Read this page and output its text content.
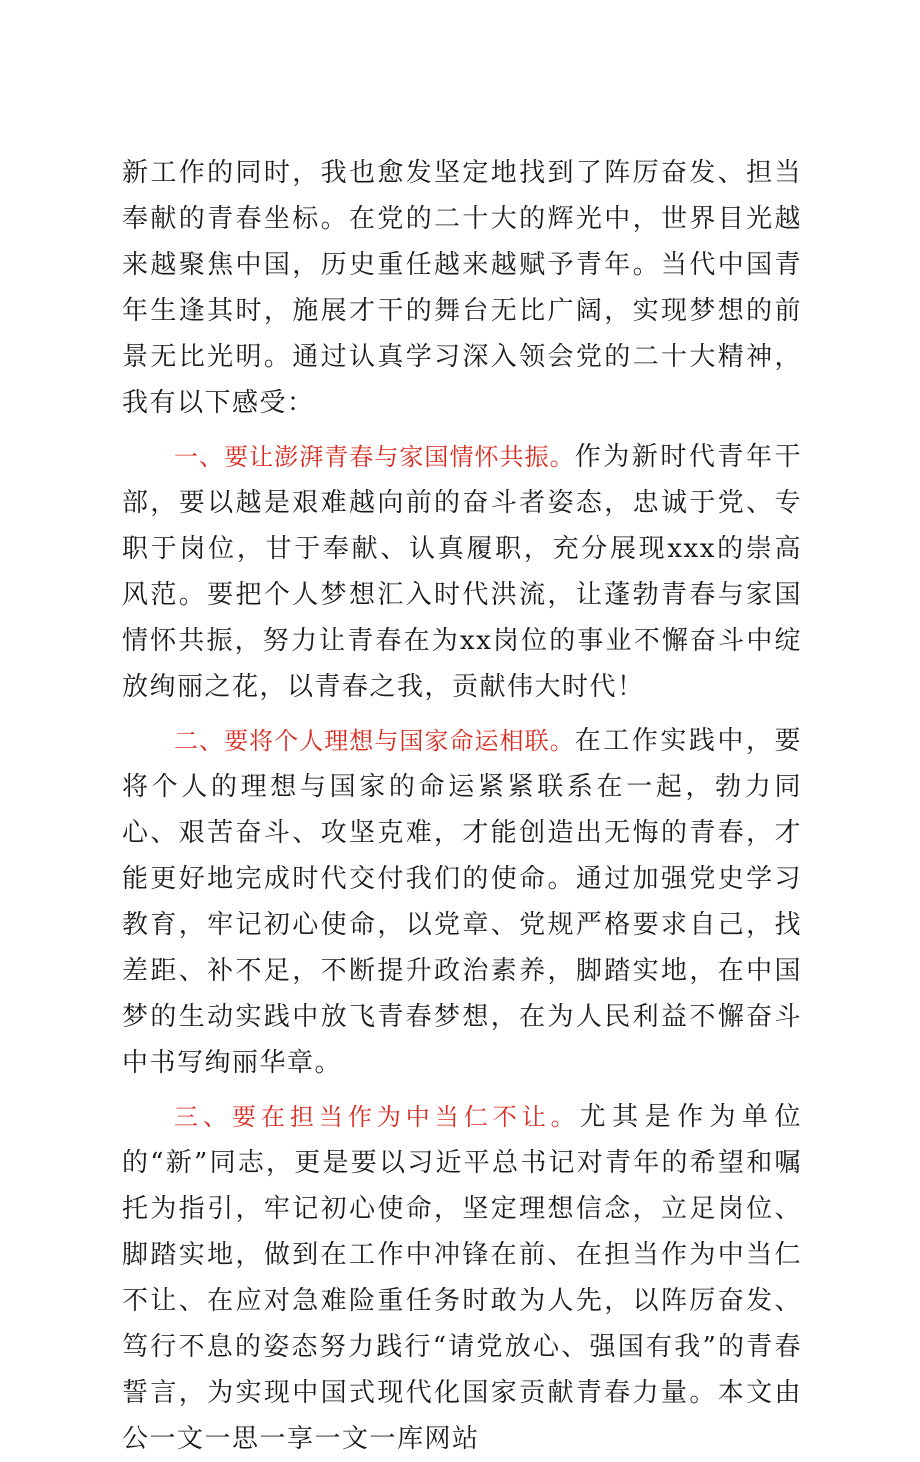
新工作的同时，我也愈发坚定地找到了阵厉奋发、担当奉献的青春坐标。在党的二十大的辉光中，世界目光越来越聚焦中国，历史重任越来越赋予青年。当代中国青年生逢其时，施展才干的舞台无比广阔，实现梦想的前景无比光明。通过认真学习深入领会党的二十大精神，我有以下感受：

一、要让澎湃青春与家国情怀共振。作为新时代青年干部，要以越是艰难越向前的奋斗者姿态，忠诚于党、专职于岗位，甘于奉献、认真履职，充分展现xxx的崇高风范。要把个人梦想汇入时代洪流，让蓬勃青春与家国情怀共振，努力让青春在为xx岗位的事业不懈奋斗中绽放绚丽之花，以青春之我，贡献伟大时代！

二、要将个人理想与国家命运相联。在工作实践中，要将个人的理想与国家的命运紧紧联系在一起，勃力同心、艰苦奋斗、攻坚克难，才能创造出无悔的青春，才能更好地完成时代交付我们的使命。通过加强党史学习教育，牢记初心使命，以党章、党规严格要求自己，找差距、补不足，不断提升政治素养，脚踏实地，在中国梦的生动实践中放飞青春梦想，在为人民利益不懈奋斗中书写绚丽华章。

三、要在担当作为中当仁不让。尤其是作为单位的“新”同志，更是要以习近平总书记对青年的希望和嘱托为指引，牢记初心使命，坚定理想信念，立足岗位、脚踏实地，做到在工作中冲锋在前、在担当作为中当仁不让、在应对急难险重任务时敢为人先，以阵厉奋发、笃行不息的姿态努力践行“请党放心、强国有我”的青春誓言，为实现中国式现代化国家贡献青春力量。本文由公一文一思一享一文一库网站
